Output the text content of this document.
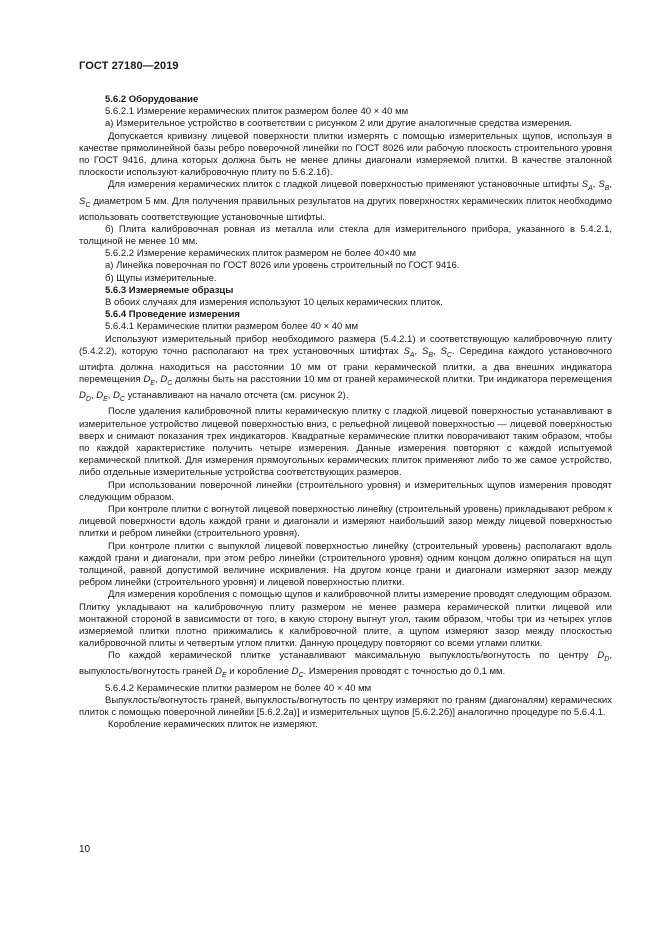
ГОСТ 27180—2019

5.6.2 Оборудование

5.6.2.1 Измерение керамических плиток размером более 40 × 40 мм

а) Измерительное устройство в соответствии с рисунком 2 или другие аналогичные средства измерения.

Допускается кривизну лицевой поверхности плитки измерять с помощью измерительных щупов, используя в качестве прямолинейной базы ребро поверочной линейки по ГОСТ 8026 или рабочую плоскость строительного уровня по ГОСТ 9416, длина которых должна быть не менее длины диагонали измеряемой плитки. В качестве эталонной плоскости используют калибровочную плиту по 5.6.2.1б).

Для измерения керамических плиток с гладкой лицевой поверхностью применяют установочные штифты $S_A$, $S_B$, $S_C$ диаметром 5 мм. Для получения правильных результатов на других поверхностях керамических плиток необходимо использовать соответствующие установочные штифты.

б) Плита калибровочная ровная из металла или стекла для измерительного прибора, указанного в 5.4.2.1, толщиной не менее 10 мм.

5.6.2.2 Измерение керамических плиток размером не более 40×40 мм

а) Линейка поверочная по ГОСТ 8026 или уровень строительный по ГОСТ 9416.

б) Щупы измерительные.

5.6.3 Измеряемые образцы

В обоих случаях для измерения используют 10 целых керамических плиток.

5.6.4 Проведение измерения

5.6.4.1 Керамические плитки размером более 40 × 40 мм

Используют измерительный прибор необходимого размера (5.4.2.1) и соответствующую калибровочную плиту (5.4.2.2), которую точно располагают на трех установочных штифтах $S_A$, $S_B$, $S_C$. Середина каждого установочного штифта должна находиться на расстоянии 10 мм от грани керамической плитки, а два внешних индикатора перемещения $D_E$, $D_C$ должны быть на расстоянии 10 мм от граней керамической плитки. Три индикатора перемещения $D_D$, $D_E$, $D_C$ устанавливают на начало отсчета (см. рисунок 2).

После удаления калибровочной плиты керамическую плитку с гладкой лицевой поверхностью устанавливают в измерительное устройство лицевой поверхностью вниз, с рельефной лицевой поверхностью — лицевой поверхностью вверх и снимают показания трех индикаторов. Квадратные керамические плитки поворачивают таким образом, чтобы по каждой характеристике получить четыре измерения. Данные измерения повторяют с каждой испытуемой керамической плиткой. Для измерения прямоугольных керамических плиток применяют либо то же самое устройство, либо отдельные измерительные устройства соответствующих размеров.

При использовании поверочной линейки (строительного уровня) и измерительных щупов измерения проводят следующим образом.

При контроле плитки с вогнутой лицевой поверхностью линейку (строительный уровень) прикладывают ребром к лицевой поверхности вдоль каждой грани и диагонали и измеряют наибольший зазор между лицевой поверхностью плитки и ребром линейки (строительного уровня).

При контроле плитки с выпуклой лицевой поверхностью линейку (строительный уровень) располагают вдоль каждой грани и диагонали, при этом ребро линейки (строительного уровня) одним концом должно опираться на щуп толщиной, равной допустимой величине искривления. На другом конце грани и диагонали измеряют зазор между ребром линейки (строительного уровня) и лицевой поверхностью плитки.

Для измерения коробления с помощью щупов и калибровочной плиты измерение проводят следующим образом. Плитку укладывают на калибровочную плиту размером не менее размера керамической плитки лицевой или монтажной стороной в зависимости от того, в какую сторону выгнут угол, таким образом, чтобы три из четырех углов измеряемой плитки плотно прижимались к калибровочной плите, а щупом измеряют зазор между плоскостью калибровочной плиты и четвертым углом плитки. Данную процедуру повторяют со всеми углами плитки.

По каждой керамической плитке устанавливают максимальную выпуклость/вогнутость по центру $D_D$, выпуклость/вогнутость граней $D_E$ и коробление $D_C$. Измерения проводят с точностью до 0,1 мм.

5.6.4.2 Керамические плитки размером не более 40 × 40 мм

Выпуклость/вогнутость граней, выпуклость/вогнутость по центру измеряют по граням (диагоналям) керамических плиток с помощью поверочной линейки [5.6.2.2а)] и измерительных щупов [5.6.2.2б)] аналогично процедуре по 5.6.4.1.

Коробление керамических плиток не измеряют.

10
